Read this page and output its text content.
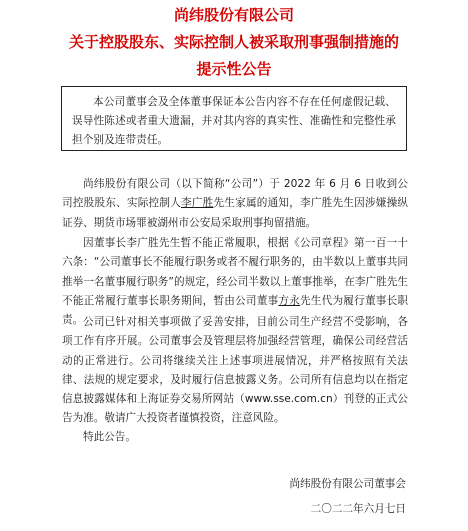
尚纬股份有限公司
关于控股股东、实际控制人被采取刑事强制措施的
提示性公告
本公司董事会及全体董事保证本公告内容不存在任何虚假记载、误导性陈述或者重大遗漏，并对其内容的真实性、准确性和完整性承担个别及连带责任。
尚纬股份有限公司（以下简称“公司”）于 2022 年 6 月 6 日收到公司控股股东、实际控制人李广胜先生家属的通知，李广胜先生因涉嫌操纵证券、期货市场罪被湖州市公安局采取刑事拘留措施。
因董事长李广胜先生暂不能正常履职，根据《公司章程》第一百一十六条：“公司董事长不能履行职务或者不履行职务的，由半数以上董事共同推举一名董事履行职务”的规定，经公司半数以上董事推举，在李广胜先生不能正常履行董事长职务期间，暂由公司董事方永先生代为履行董事长职责。 公司已针对相关事项做了妥善安排，目前公司生产经营不受影响，各项工作有序开展。公司董事会及管理层将加强经营管理，确保公司经营活动的正常进行。公司将继续关注上述事项进展情况，并严格按照有关法律、法规的规定要求，及时履行信息披露义务。公司所有信息均以在指定信息披露媒体和上海证券交易所网站（www.sse.com.cn）刊登的正式公告为准。敬请广大投资者谨慎投资，注意风险。
特此公告。
尚纬股份有限公司董事会
二〇二二年六月七日
